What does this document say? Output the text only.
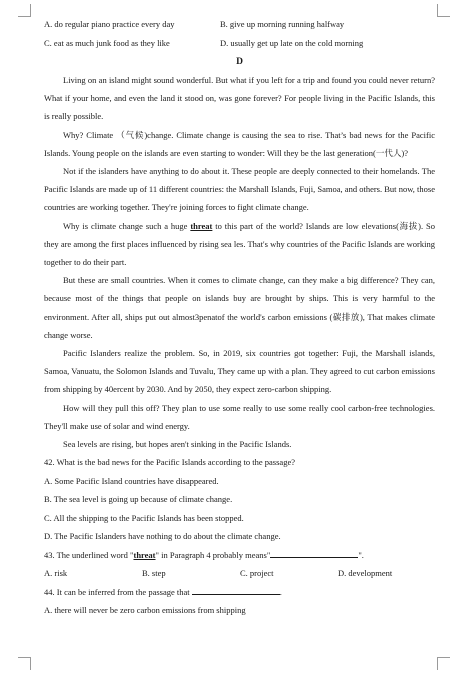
A. do regular piano practice every day	B. give up morning running halfway
C. eat as much junk food as they like	D. usually get up late on the cold morning
D

Living on an island might sound wonderful. But what if you left for a trip and found you could never return? What if your home, and even the land it stood on, was gone forever? For people living in the Pacific Islands, this is really possible.

Why? Climate （气候)change. Climate change is causing the sea to rise. That’s bad news for the Pacific Islands. Young people on the islands are even starting to wonder: Will they be the last generation(一代人)?

Not if the islanders have anything to do about it. These people are deeply connected to their homelands. The Pacific Islands are made up of 11 different countries: the Marshall Islands, Fuji, Samoa, and others. But now, those countries are working together. They're joining forces to fight climate change.

Why is climate change such a huge threat to this part of the world? Islands are low elevations(海拔). So they are among the first places influenced by rising sea les. That's why countries of the Pacific Islands are working together to do their part.

But these are small countries. When it comes to climate change, can they make a big difference? They can, because most of the things that people on islands buy are brought by ships. This is very harmful to the environment. After all, ships put out almost3penatof the world's carbon emissions (碳排放), That makes climate change worse.

Pacific Islanders realize the problem. So, in 2019, six countries got together: Fuji, the Marshall islands, Samoa, Vanuatu, the Solomon Islands and Tuvalu, They came up with a plan. They agreed to cut carbon emissions from shipping by 40ercent by 2030. And by 2050, they expect zero-carbon shipping.

How will they pull this off? They plan to use some really to use some really cool carbon-free technologies. They'll make use of solar and wind energy.

Sea levels are rising, but hopes aren't sinking in the Pacific Islands.

42. What is the bad news for the Pacific Islands according to the passage?
A. Some Pacific Island countries have disappeared.
B. The sea level is going up because of climate change.
C. All the shipping to the Pacific Islands has been stopped.
D. The Pacific Islanders have nothing to do about the climate change.
43. The underlined word "threat" in Paragraph 4 probably means"	".
A. risk	B. step	C. project	D. development
44. It can be inferred from the passage that	.
A. there will never be zero carbon emissions from shipping
